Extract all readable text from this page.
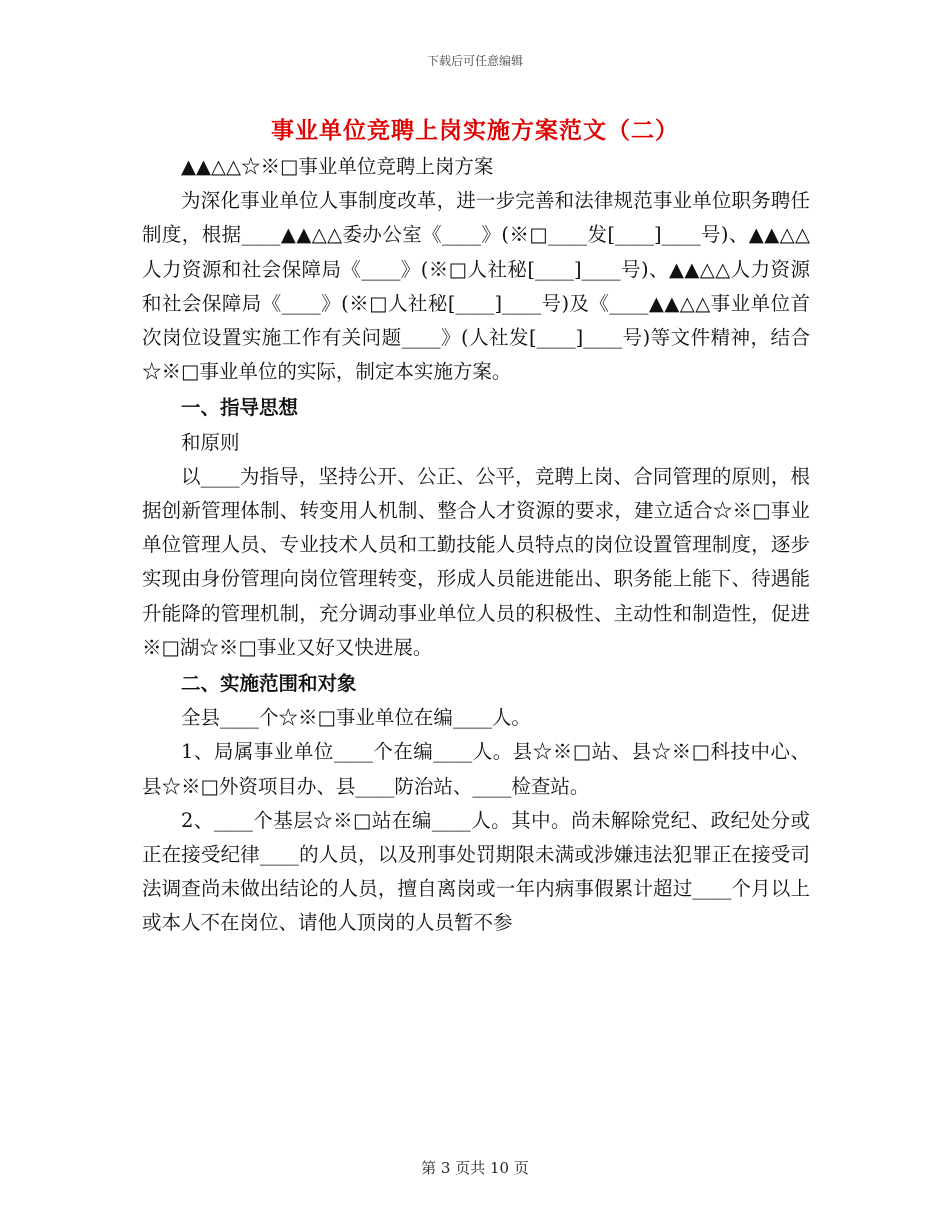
下载后可任意编辑
事业单位竞聘上岗实施方案范文（二）

▲▲△△☆※□事业单位竞聘上岗方案

为深化事业单位人事制度改革，进一步完善和法律规范事业单位职务聘任制度，根据____▲▲△△委办公室《____》(※□____发[____]____号)、▲▲△△人力资源和社会保障局《____》(※□人社秘[____]____号)、▲▲△△人力资源和社会保障局《____》(※□人社秘[____]____号)及《____▲▲△△事业单位首次岗位设置实施工作有关问题____》(人社发[____]____号)等文件精神，结合☆※□事业单位的实际，制定本实施方案。

一、指导思想

和原则

以____为指导，坚持公开、公正、公平，竞聘上岗、合同管理的原则，根据创新管理体制、转变用人机制、整合人才资源的要求，建立适合☆※□事业单位管理人员、专业技术人员和工勤技能人员特点的岗位设置管理制度，逐步实现由身份管理向岗位管理转变，形成人员能进能出、职务能上能下、待遇能升能降的管理机制，充分调动事业单位人员的积极性、主动性和制造性，促进※□湖☆※□事业又好又快进展。

二、实施范围和对象

全县____个☆※□事业单位在编____人。

1、局属事业单位____个在编____人。县☆※□站、县☆※□科技中心、县☆※□外资项目办、县____防治站、____检查站。

2、____个基层☆※□站在编____人。其中。尚未解除党纪、政纪处分或正在接受纪律____的人员，以及刑事处罚期限未满或涉嫌违法犯罪正在接受司法调查尚未做出结论的人员，擅自离岗或一年内病事假累计超过____个月以上或本人不在岗位、请他人顶岗的人员暂不参

第 3 页共 10 页
